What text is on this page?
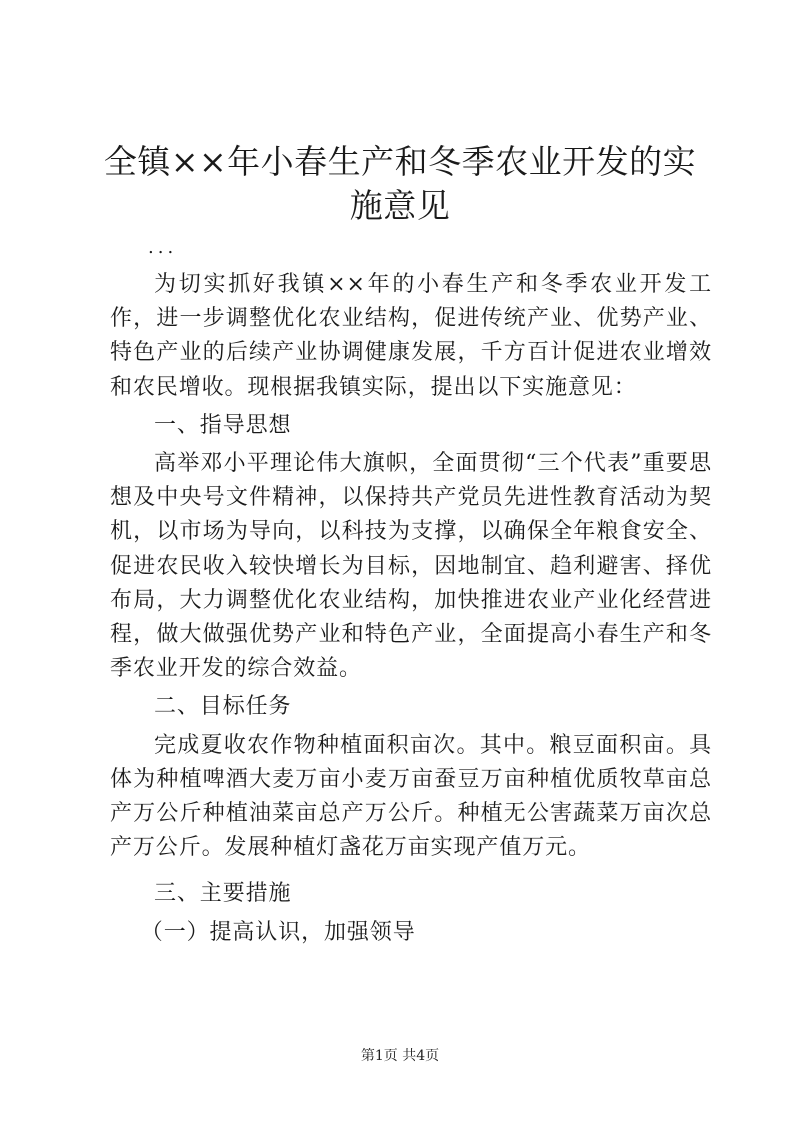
全镇××年小春生产和冬季农业开发的实施意见
...

为切实抓好我镇××年的小春生产和冬季农业开发工作，进一步调整优化农业结构，促进传统产业、优势产业、特色产业的后续产业协调健康发展，千方百计促进农业增效和农民增收。现根据我镇实际，提出以下实施意见：

一、指导思想

高举邓小平理论伟大旗帜，全面贯彻“三个代表”重要思想及中央号文件精神，以保持共产党员先进性教育活动为契机，以市场为导向，以科技为支撑，以确保全年粮食安全、促进农民收入较快增长为目标，因地制宜、趋利避害、择优布局，大力调整优化农业结构，加快推进农业产业化经营进程，做大做强优势产业和特色产业，全面提高小春生产和冬季农业开发的综合效益。

二、目标任务

完成夏收农作物种植面积亩次。其中。粮豆面积亩。具体为种植啤酒大麦万亩小麦万亩蚕豆万亩种植优质牧草亩总产万公斤种植油菜亩总产万公斤。种植无公害蔬菜万亩次总产万公斤。发展种植灯盏花万亩实现产值万元。

三、主要措施

（一）提高认识，加强领导

第1页 共4页
